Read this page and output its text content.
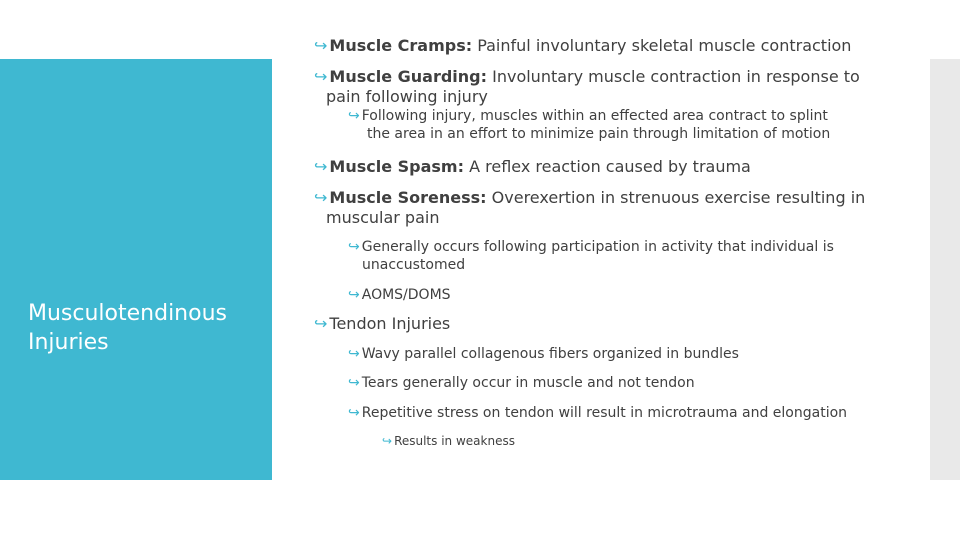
Musculotendinous Injuries
↪ Muscle Cramps: Painful involuntary skeletal muscle contraction
↪ Muscle Guarding: Involuntary muscle contraction in response to
pain following injury
↪ Following injury, muscles within an effected area contract to splint
the area in an effort to minimize pain through limitation of motion
↪ Muscle Spasm: A reflex reaction caused by trauma
↪ Muscle Soreness: Overexertion in strenuous exercise resulting in
muscular pain
↪ Generally occurs following participation in activity that individual is
unaccustomed
↪ AOMS/DOMS
↪ Tendon Injuries
↪ Wavy parallel collagenous fibers organized in bundles
↪ Tears generally occur in muscle and not tendon
↪ Repetitive stress on tendon will result in microtrauma and elongation
↪ Results in weakness
